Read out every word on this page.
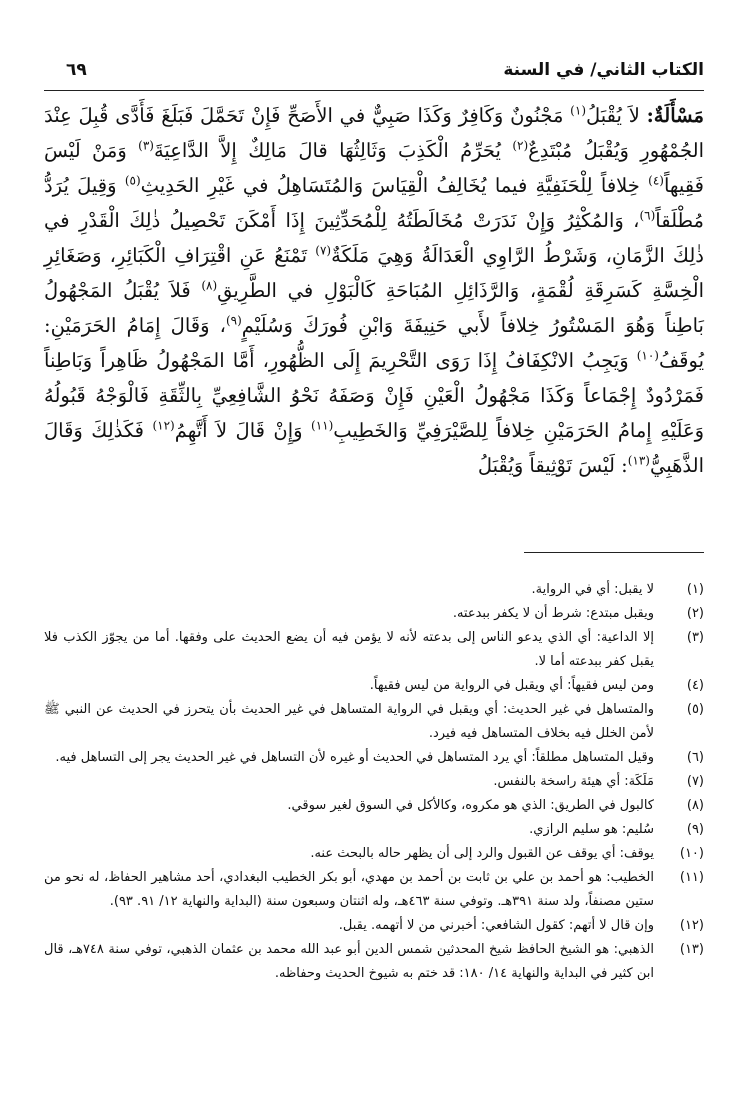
الكتاب الثاني/ في السنة
٦٩
مَسْأَلَةٌ: لاَ يُقْبَلُ$^{(١)}$ مَجْنُونٌ وَكَافِرٌ وَكَذَا صَبِيٌّ في الأَصَحِّ فَإِنْ تَحَمَّلَ فَبَلَغَ فَأَدَّى قُبِلَ عِنْدَ الجُمْهُورِ وَيُقْبَلُ مُبْتَدِعٌ$^{(٢)}$ يُحَرِّمُ الْكَذِبَ وَثَالِثُهَا قالَ مَالِكٌ إِلاَّ الدَّاعِيَةَ$^{(٣)}$ وَمَنْ لَيْسَ فَقِيهاً$^{(٤)}$ خِلافاً لِلْحَنَفِيَّةِ فيما يُخَالِفُ الْقِيَاسَ وَالمُتَسَاهِلُ في غَيْرِ الحَدِيثِ$^{(٥)}$ وَقِيلَ يُرَدُّ مُطْلَقاً$^{(٦)}$، وَالمُكْثِرُ وَإِنْ نَدَرَتْ مُخَالَطَتُهُ لِلْمُحَدِّثِينَ إِذَا أَمْكَنَ تَحْصِيلُ ذٰلِكَ الْقَدْرِ في ذٰلِكَ الزَّمَانِ، وَشَرْطُ الرَّاوِي الْعَدَالَةُ وَهِيَ مَلَكَةٌ$^{(٧)}$ تَمْنَعُ عَنِ اقْتِرَافِ الْكَبَائِرِ، وَصَغَائِرِ الْخِسَّةِ كَسَرِقَةِ لُقْمَةٍ، وَالرَّذَائِلِ المُبَاحَةِ كَالْبَوْلِ في الطَّرِيقِ$^{(٨)}$ فَلاَ يُقْبَلُ المَجْهُولُ بَاطِناً وَهُوَ المَسْتُورُ خِلافاً لأَبي حَنِيفَةَ وَابْنِ فُورَكَ وَسُلَيْمٍ$^{(٩)}$، وَقَالَ إِمَامُ الحَرَمَيْنِ: يُوقَفُ$^{(١٠)}$ وَيَجِبُ الانْكِفَافُ إِذَا رَوَى التَّحْرِيمَ إِلَى الظُّهُورِ، أَمَّا المَجْهُولُ ظَاهِراً وَبَاطِناً فَمَرْدُودٌ إِجْمَاعاً وَكَذَا مَجْهُولُ الْعَيْنِ فَإِنْ وَصَفَهُ نَحْوُ الشَّافِعِيِّ بِالثِّقَةِ فَالْوَجْهُ قَبُولُهُ وَعَلَيْهِ إِمامُ الحَرَمَيْنِ خِلافاً لِلصَّيْرَفِيِّ وَالخَطِيبِ$^{(١١)}$ وَإِنْ قَالَ لاَ أَتَّهِمُ$^{(١٢)}$ فَكَذٰلِكَ وَقَالَ الذَّهَبِيُّ$^{(١٣)}$: لَيْسَ تَوْثِيقاً وَيُقْبَلُ
(١)
لا يقبل: أي في الرواية.
(٢)
ويقبل مبتدع: شرط أن لا يكفر ببدعته.
(٣)
إلا الداعية: أي الذي يدعو الناس إلى بدعته لأنه لا يؤمن فيه أن يضع الحديث على وفقها. أما من يجوّز الكذب فلا يقبل كفر ببدعته أما لا.
(٤)
ومن ليس فقيهاً: أي ويقبل في الرواية من ليس فقيهاً.
(٥)
والمتساهل في غير الحديث: أي ويقبل في الرواية المتساهل في غير الحديث بأن يتحرز في الحديث عن النبي ﷺ لأمن الخلل فيه بخلاف المتساهل فيه فيرد.
(٦)
وقيل المتساهل مطلقاً: أي يرد المتساهل في الحديث أو غيره لأن التساهل في غير الحديث يجر إلى التساهل فيه.
(٧)
مَلَكَة: أي هيئة راسخة بالنفس.
(٨)
كالبول في الطريق: الذي هو مكروه، وكالأكل في السوق لغير سوقي.
(٩)
سُليم: هو سليم الرازي.
(١٠)
يوقف: أي يوقف عن القبول والرد إلى أن يظهر حاله بالبحث عنه.
(١١)
الخطيب: هو أحمد بن علي بن ثابت بن أحمد بن مهدي، أبو بكر الخطيب البغدادي، أحد مشاهير الحفاظ، له نحو من ستين مصنفاً، ولد سنة ٣٩١هـ. وتوفي سنة ٤٦٣هـ، وله اثنتان وسبعون سنة (البداية والنهاية ١٢/ ٩١. ٩٣).
(١٢)
وإن قال لا أتهم: كقول الشافعي: أخبرني من لا أتهمه. يقبل.
(١٣)
الذهبي: هو الشيخ الحافظ شيخ المحدثين شمس الدين أبو عبد الله محمد بن عثمان الذهبي، توفي سنة ٧٤٨هـ، قال ابن كثير في البداية والنهاية ١٤/ ١٨٠: قد ختم به شيوخ الحديث وحفاظه.
